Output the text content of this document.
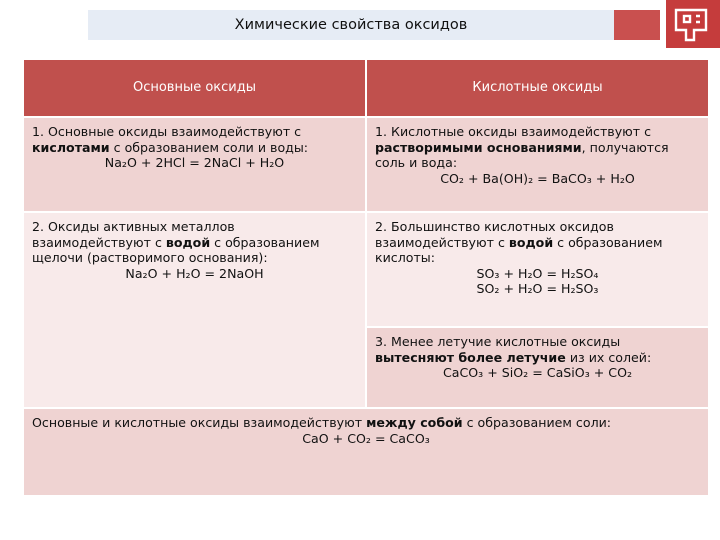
Химические свойства оксидов
Основные оксиды	Кислотные оксиды

1. Основные оксиды взаимодействуют с

кислотами с образованием соли и воды:

Na₂O + 2HCl = 2NaCl + H₂O

1. Кислотные оксиды взаимодействуют с

растворимыми основаниями, получаются

соль и вода:

CO₂ + Ba(OH)₂ = BaCO₃ + H₂O

2. Оксиды активных металлов

взаимодействуют с водой с образованием

щелочи (растворимого основания):

Na₂O + H₂O = 2NaOH

2. Большинство кислотных оксидов

взаимодействуют с водой с образованием

кислоты:

SO₃ + H₂O = H₂SO₄

SO₂ + H₂O = H₂SO₃

3. Менее летучие кислотные оксиды

вытесняют более летучие из их солей:

CaCO₃ + SiO₂ = CaSiO₃ + CO₂

Основные и кислотные оксиды взаимодействуют между собой с образованием соли:

CaO + CO₂ = CaCO₃
